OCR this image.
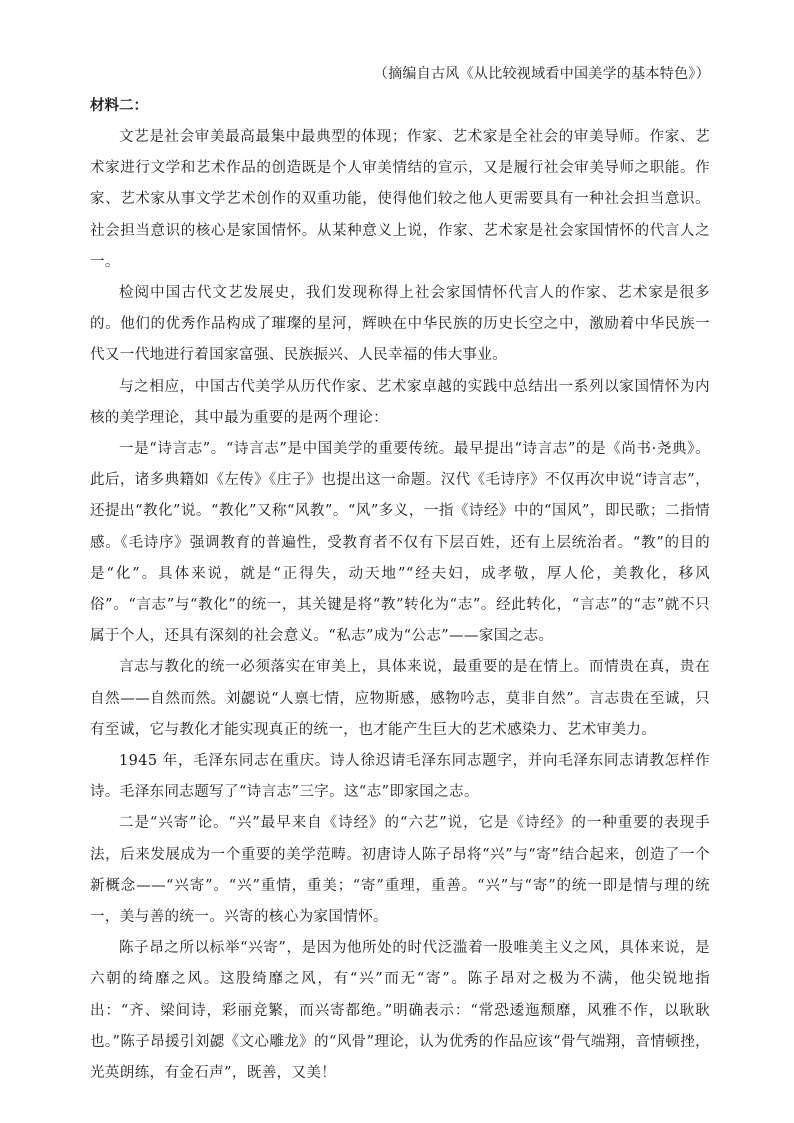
（摘编自古风《从比较视域看中国美学的基本特色》）

材料二：

文艺是社会审美最高最集中最典型的体现；作家、艺术家是全社会的审美导师。作家、艺术家进行文学和艺术作品的创造既是个人审美情结的宣示，又是履行社会审美导师之职能。作家、艺术家从事文学艺术创作的双重功能，使得他们较之他人更需要具有一种社会担当意识。社会担当意识的核心是家国情怀。从某种意义上说，作家、艺术家是社会家国情怀的代言人之一。

检阅中国古代文艺发展史，我们发现称得上社会家国情怀代言人的作家、艺术家是很多的。他们的优秀作品构成了璀璨的星河，辉映在中华民族的历史长空之中，激励着中华民族一代又一代地进行着国家富强、民族振兴、人民幸福的伟大事业。

与之相应，中国古代美学从历代作家、艺术家卓越的实践中总结出一系列以家国情怀为内核的美学理论，其中最为重要的是两个理论：

一是“诗言志”。“诗言志”是中国美学的重要传统。最早提出“诗言志”的是《尚书·尧典》。此后，诸多典籍如《左传》《庄子》也提出这一命题。汉代《毛诗序》不仅再次申说“诗言志”，还提出“教化”说。“教化”又称“风教”。“风”多义，一指《诗经》中的“国风”，即民歌；二指情感。《毛诗序》强调教育的普遍性，受教育者不仅有下层百姓，还有上层统治者。“教”的目的是“化”。具体来说，就是“正得失，动天地”“经夫妇，成孝敬，厚人伦，美教化，移风俗”。“言志”与“教化”的统一，其关键是将“教”转化为“志”。经此转化，“言志”的“志”就不只属于个人，还具有深刻的社会意义。“私志”成为“公志”——家国之志。

言志与教化的统一必须落实在审美上，具体来说，最重要的是在情上。而情贵在真，贵在自然——自然而然。刘勰说“人禀七情，应物斯感，感物吟志，莫非自然”。言志贵在至诚，只有至诚，它与教化才能实现真正的统一，也才能产生巨大的艺术感染力、艺术审美力。

1945 年，毛泽东同志在重庆。诗人徐迟请毛泽东同志题字，并向毛泽东同志请教怎样作诗。毛泽东同志题写了“诗言志”三字。这“志”即家国之志。

二是“兴寄”论。“兴”最早来自《诗经》的“六艺”说，它是《诗经》的一种重要的表现手法，后来发展成为一个重要的美学范畴。初唐诗人陈子昂将“兴”与“寄”结合起来，创造了一个新概念——“兴寄”。“兴”重情，重美；“寄”重理，重善。“兴”与“寄”的统一即是情与理的统一，美与善的统一。兴寄的核心为家国情怀。

陈子昂之所以标举“兴寄”，是因为他所处的时代泛滥着一股唯美主义之风，具体来说，是六朝的绮靡之风。这股绮靡之风，有“兴”而无“寄”。陈子昂对之极为不满，他尖锐地指出：“齐、梁间诗，彩丽竞繁，而兴寄都绝。”明确表示：“常恐逶迤颓靡，风雅不作，以耿耿也。”陈子昂援引刘勰《文心雕龙》的“风骨”理论，认为优秀的作品应该“骨气端翔，音情顿挫，光英朗练，有金石声”，既善，又美！
